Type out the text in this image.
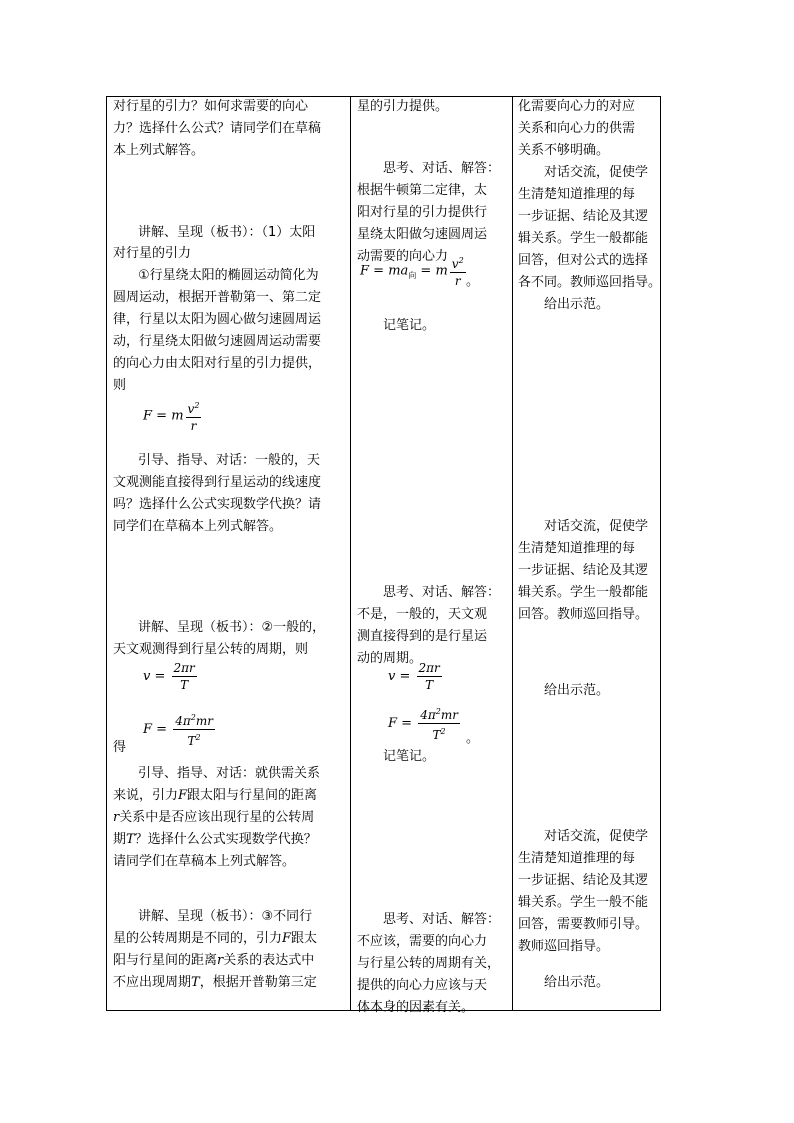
对行星的引力？如何求需要的向心
力？选择什么公式？请同学们在草稿
本上列式解答。
讲解、呈现（板书）：（1）太阳
对行星的引力
①行星绕太阳的椭圆运动简化为
圆周运动，根据开普勒第一、第二定
律，行星以太阳为圆心做匀速圆周运
动，行星绕太阳做匀速圆周运动需要
的向心力由太阳对行星的引力提供，
则
F = m $\frac{v^2}{r}$
引导、指导、对话：一般的，天
文观测能直接得到行星运动的线速度
吗？选择什么公式实现数学代换？请
同学们在草稿本上列式解答。
讲解、呈现（板书）：②一般的，
天文观测得到行星公转的周期，则
$v = \frac{2\pi r}{T}$
$F = \frac{4\pi^2mr}{T^2}$
得
引导、指导、对话：就供需关系
来说，引力F跟太阳与行星间的距离
r关系中是否应该出现行星的公转周
期T？选择什么公式实现数学代换？
请同学们在草稿本上列式解答。
讲解、呈现（板书）：③不同行
星的公转周期是不同的，引力F跟太
阳与行星间的距离r关系的表达式中
不应出现周期T，根据开普勒第三定
星的引力提供。
思考、对话、解答：
根据牛顿第二定律，太
阳对行星的引力提供行
星绕太阳做匀速圆周运
动需要的向心力
$F = ma_向 = m \frac{v^2}{r}$ 。
记笔记。
思考、对话、解答：
不是，一般的，天文观
测直接得到的是行星运
动的周期。
$v = \frac{2\pi r}{T}$
$F = \frac{4\pi^2mr}{T^2}$ 。
记笔记。
思考、对话、解答：
不应该，需要的向心力
与行星公转的周期有关，
提供的向心力应该与天
体本身的因素有关。
化需要向心力的对应
关系和向心力的供需
关系不够明确。
对话交流，促使学
生清楚知道推理的每
一步证据、结论及其逻
辑关系。学生一般都能
回答，但对公式的选择
各不同。教师巡回指导。
给出示范。
对话交流，促使学
生清楚知道推理的每
一步证据、结论及其逻
辑关系。学生一般都能
回答。教师巡回指导。
给出示范。
对话交流，促使学
生清楚知道推理的每
一步证据、结论及其逻
辑关系。学生一般不能
回答，需要教师引导。
教师巡回指导。
给出示范。
